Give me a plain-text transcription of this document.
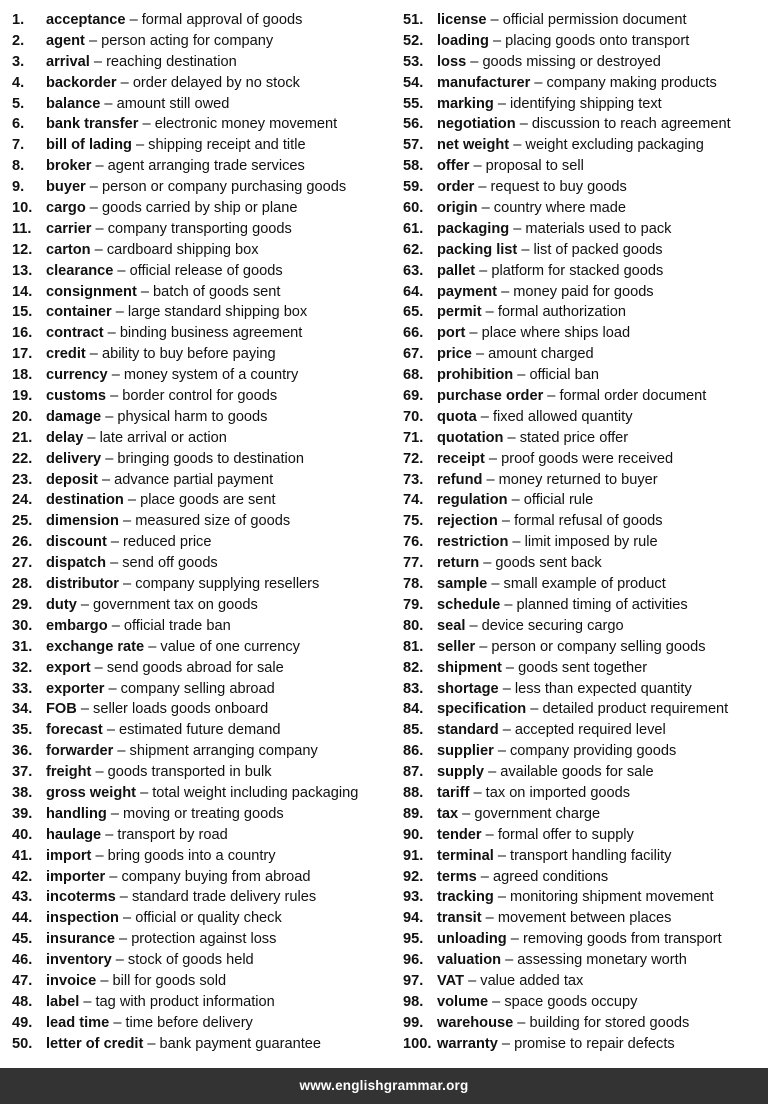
1. acceptance – formal approval of goods
2. agent – person acting for company
3. arrival – reaching destination
4. backorder – order delayed by no stock
5. balance – amount still owed
6. bank transfer – electronic money movement
7. bill of lading – shipping receipt and title
8. broker – agent arranging trade services
9. buyer – person or company purchasing goods
10. cargo – goods carried by ship or plane
11. carrier – company transporting goods
12. carton – cardboard shipping box
13. clearance – official release of goods
14. consignment – batch of goods sent
15. container – large standard shipping box
16. contract – binding business agreement
17. credit – ability to buy before paying
18. currency – money system of a country
19. customs – border control for goods
20. damage – physical harm to goods
21. delay – late arrival or action
22. delivery – bringing goods to destination
23. deposit – advance partial payment
24. destination – place goods are sent
25. dimension – measured size of goods
26. discount – reduced price
27. dispatch – send off goods
28. distributor – company supplying resellers
29. duty – government tax on goods
30. embargo – official trade ban
31. exchange rate – value of one currency
32. export – send goods abroad for sale
33. exporter – company selling abroad
34. FOB – seller loads goods onboard
35. forecast – estimated future demand
36. forwarder – shipment arranging company
37. freight – goods transported in bulk
38. gross weight – total weight including packaging
39. handling – moving or treating goods
40. haulage – transport by road
41. import – bring goods into a country
42. importer – company buying from abroad
43. incoterms – standard trade delivery rules
44. inspection – official or quality check
45. insurance – protection against loss
46. inventory – stock of goods held
47. invoice – bill for goods sold
48. label – tag with product information
49. lead time – time before delivery
50. letter of credit – bank payment guarantee
51. license – official permission document
52. loading – placing goods onto transport
53. loss – goods missing or destroyed
54. manufacturer – company making products
55. marking – identifying shipping text
56. negotiation – discussion to reach agreement
57. net weight – weight excluding packaging
58. offer – proposal to sell
59. order – request to buy goods
60. origin – country where made
61. packaging – materials used to pack
62. packing list – list of packed goods
63. pallet – platform for stacked goods
64. payment – money paid for goods
65. permit – formal authorization
66. port – place where ships load
67. price – amount charged
68. prohibition – official ban
69. purchase order – formal order document
70. quota – fixed allowed quantity
71. quotation – stated price offer
72. receipt – proof goods were received
73. refund – money returned to buyer
74. regulation – official rule
75. rejection – formal refusal of goods
76. restriction – limit imposed by rule
77. return – goods sent back
78. sample – small example of product
79. schedule – planned timing of activities
80. seal – device securing cargo
81. seller – person or company selling goods
82. shipment – goods sent together
83. shortage – less than expected quantity
84. specification – detailed product requirement
85. standard – accepted required level
86. supplier – company providing goods
87. supply – available goods for sale
88. tariff – tax on imported goods
89. tax – government charge
90. tender – formal offer to supply
91. terminal – transport handling facility
92. terms – agreed conditions
93. tracking – monitoring shipment movement
94. transit – movement between places
95. unloading – removing goods from transport
96. valuation – assessing monetary worth
97. VAT – value added tax
98. volume – space goods occupy
99. warehouse – building for stored goods
100. warranty – promise to repair defects
www.englishgrammar.org
